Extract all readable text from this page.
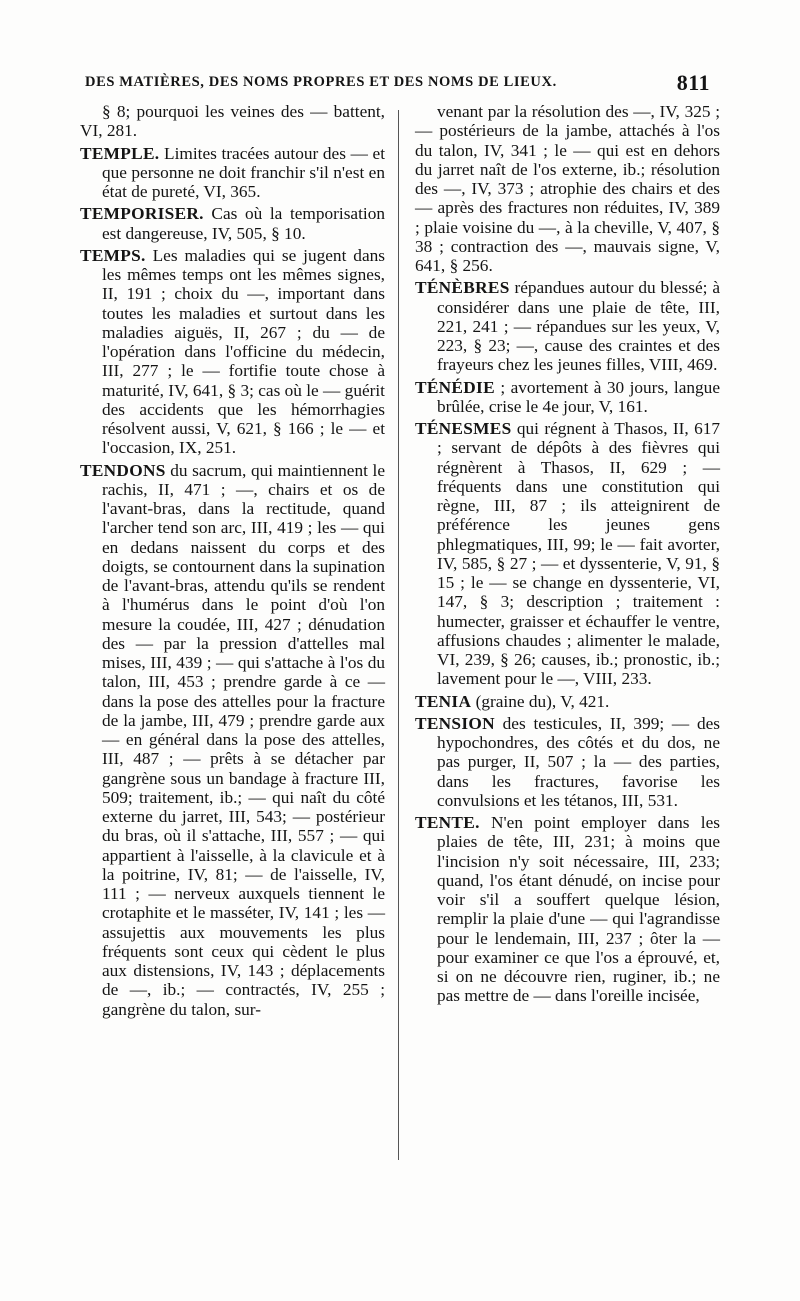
DES MATIÈRES, DES NOMS PROPRES ET DES NOMS DE LIEUX.	811

§ 8; pourquoi les veines des — battent, VI, 281.

TEMPLE. Limites tracées autour des — et que personne ne doit franchir s'il n'est en état de pureté, VI, 365.

TEMPORISER. Cas où la temporisation est dangereuse, IV, 505, § 10.

TEMPS. Les maladies qui se jugent dans les mêmes temps ont les mêmes signes, II, 191 ; choix du —, important dans toutes les maladies et surtout dans les maladies aiguës, II, 267 ; du — de l'opération dans l'officine du médecin, III, 277 ; le — fortifie toute chose à maturité, IV, 641, § 3; cas où le — guérit des accidents que les hémorrhagies résolvent aussi, V, 621, § 166 ; le — et l'occasion, IX, 251.

TENDONS du sacrum, qui maintiennent le rachis, II, 471 ; —, chairs et os de l'avant-bras, dans la rectitude, quand l'archer tend son arc, III, 419 ; les — qui en dedans naissent du corps et des doigts, se contournent dans la supination de l'avant-bras, attendu qu'ils se rendent à l'humérus dans le point d'où l'on mesure la coudée, III, 427 ; dénudation des — par la pression d'attelles mal mises, III, 439 ; — qui s'attache à l'os du talon, III, 453 ; prendre garde à ce — dans la pose des attelles pour la fracture de la jambe, III, 479 ; prendre garde aux — en général dans la pose des attelles, III, 487 ; — prêts à se détacher par gangrène sous un bandage à fracture III, 509; traitement, ib.; — qui naît du côté externe du jarret, III, 543; — postérieur du bras, où il s'attache, III, 557 ; — qui appartient à l'aisselle, à la clavicule et à la poitrine, IV, 81; — de l'aisselle, IV, 111 ; — nerveux auxquels tiennent le crotaphite et le masséter, IV, 141 ; les — assujettis aux mouvements les plus fréquents sont ceux qui cèdent le plus aux distensions, IV, 143 ; déplacements de —, ib.; — contractés, IV, 255 ; gangrène du talon, sur-

venant par la résolution des —, IV, 325 ; — postérieurs de la jambe, attachés à l'os du talon, IV, 341 ; le — qui est en dehors du jarret naît de l'os externe, ib.; résolution des —, IV, 373 ; atrophie des chairs et des — après des fractures non réduites, IV, 389 ; plaie voisine du —, à la cheville, V, 407, § 38 ; contraction des —, mauvais signe, V, 641, § 256.

TÉNÈBRES répandues autour du blessé; à considérer dans une plaie de tête, III, 221, 241 ; — répandues sur les yeux, V, 223, § 23; —, cause des craintes et des frayeurs chez les jeunes filles, VIII, 469.

TÉNÉDIE ; avortement à 30 jours, langue brûlée, crise le 4e jour, V, 161.

TÉNESMES qui régnent à Thasos, II, 617 ; servant de dépôts à des fièvres qui régnèrent à Thasos, II, 629 ; — fréquents dans une constitution qui règne, III, 87 ; ils atteignirent de préférence les jeunes gens phlegmatiques, III, 99; le — fait avorter, IV, 585, § 27 ; — et dyssenterie, V, 91, § 15 ; le — se change en dyssenterie, VI, 147, § 3; description ; traitement : humecter, graisser et échauffer le ventre, affusions chaudes ; alimenter le malade, VI, 239, § 26; causes, ib.; pronostic, ib.; lavement pour le —, VIII, 233.

TENIA (graine du), V, 421.

TENSION des testicules, II, 399; — des hypochondres, des côtés et du dos, ne pas purger, II, 507 ; la — des parties, dans les fractures, favorise les convulsions et les tétanos, III, 531.

TENTE. N'en point employer dans les plaies de tête, III, 231; à moins que l'incision n'y soit nécessaire, III, 233; quand, l'os étant dénudé, on incise pour voir s'il a souffert quelque lésion, remplir la plaie d'une — qui l'agrandisse pour le lendemain, III, 237 ; ôter la — pour examiner ce que l'os a éprouvé, et, si on ne découvre rien, ruginer, ib.; ne pas mettre de — dans l'oreille incisée,
